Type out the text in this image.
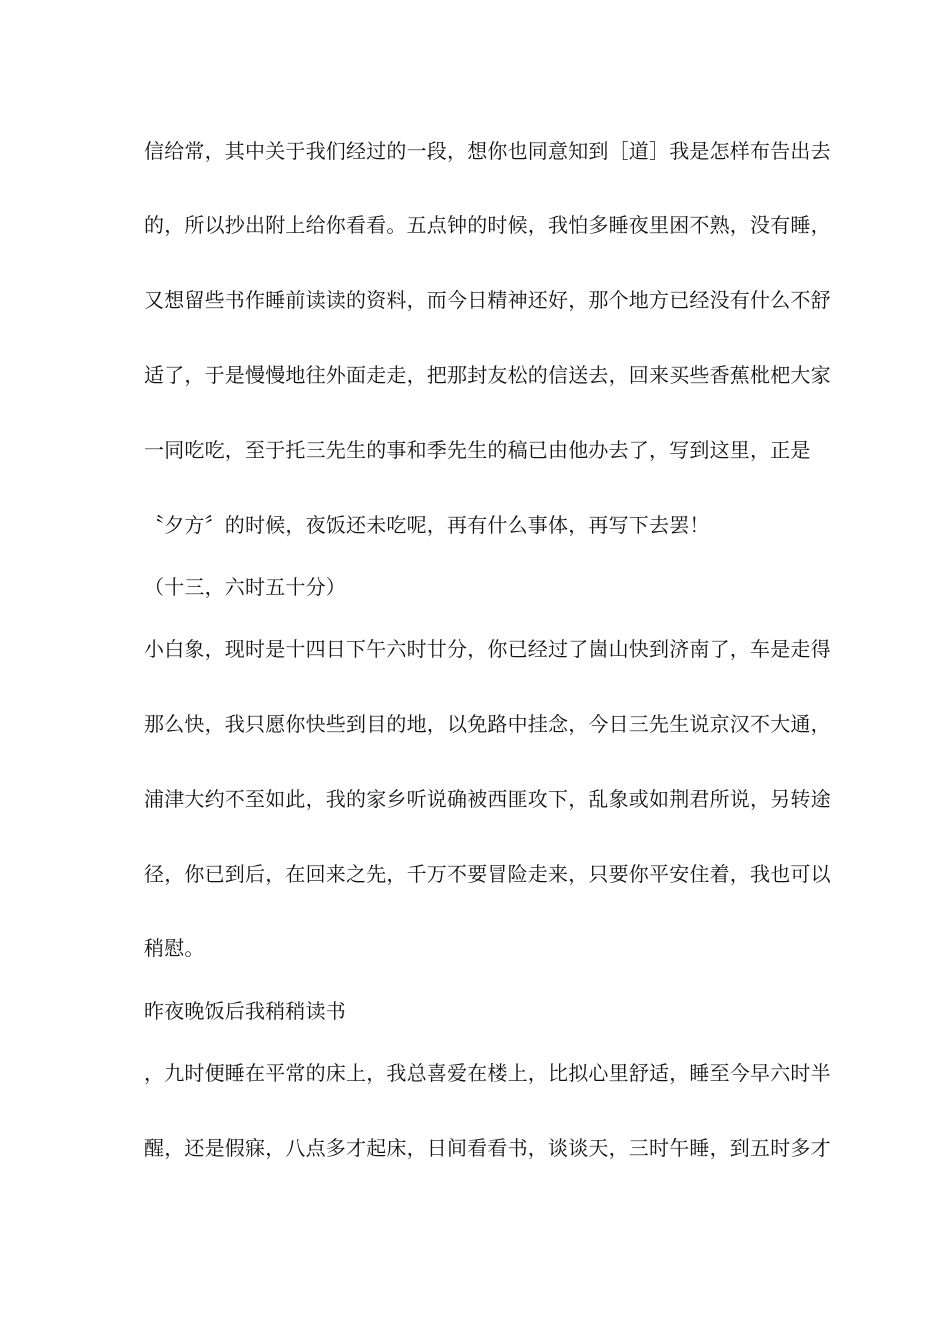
信给常，其中关于我们经过的一段，想你也同意知到［道］我是怎样布告出去
的，所以抄出附上给你看看。五点钟的时候，我怕多睡夜里困不熟，没有睡，
又想留些书作睡前读读的资料，而今日精神还好，那个地方已经没有什么不舒
适了，于是慢慢地往外面走走，把那封友松的信送去，回来买些香蕉枇杷大家
一同吃吃，至于托三先生的事和季先生的稿已由他办去了，写到这里，正是
〝夕方〞的时候，夜饭还未吃呢，再有什么事体，再写下去罢！
（十三，六时五十分）
小白象，现时是十四日下午六时廿分，你已经过了崮山快到济南了，车是走得
那么快，我只愿你快些到目的地，以免路中挂念，今日三先生说京汉不大通，
浦津大约不至如此，我的家乡听说确被西匪攻下，乱象或如荆君所说，另转途
径，你已到后，在回来之先，千万不要冒险走来，只要你平安住着，我也可以
稍慰。
昨夜晚饭后我稍稍读书
，九时便睡在平常的床上，我总喜爱在楼上，比拟心里舒适，睡至今早六时半
醒，还是假寐，八点多才起床，日间看看书，谈谈天，三时午睡，到五时多才
